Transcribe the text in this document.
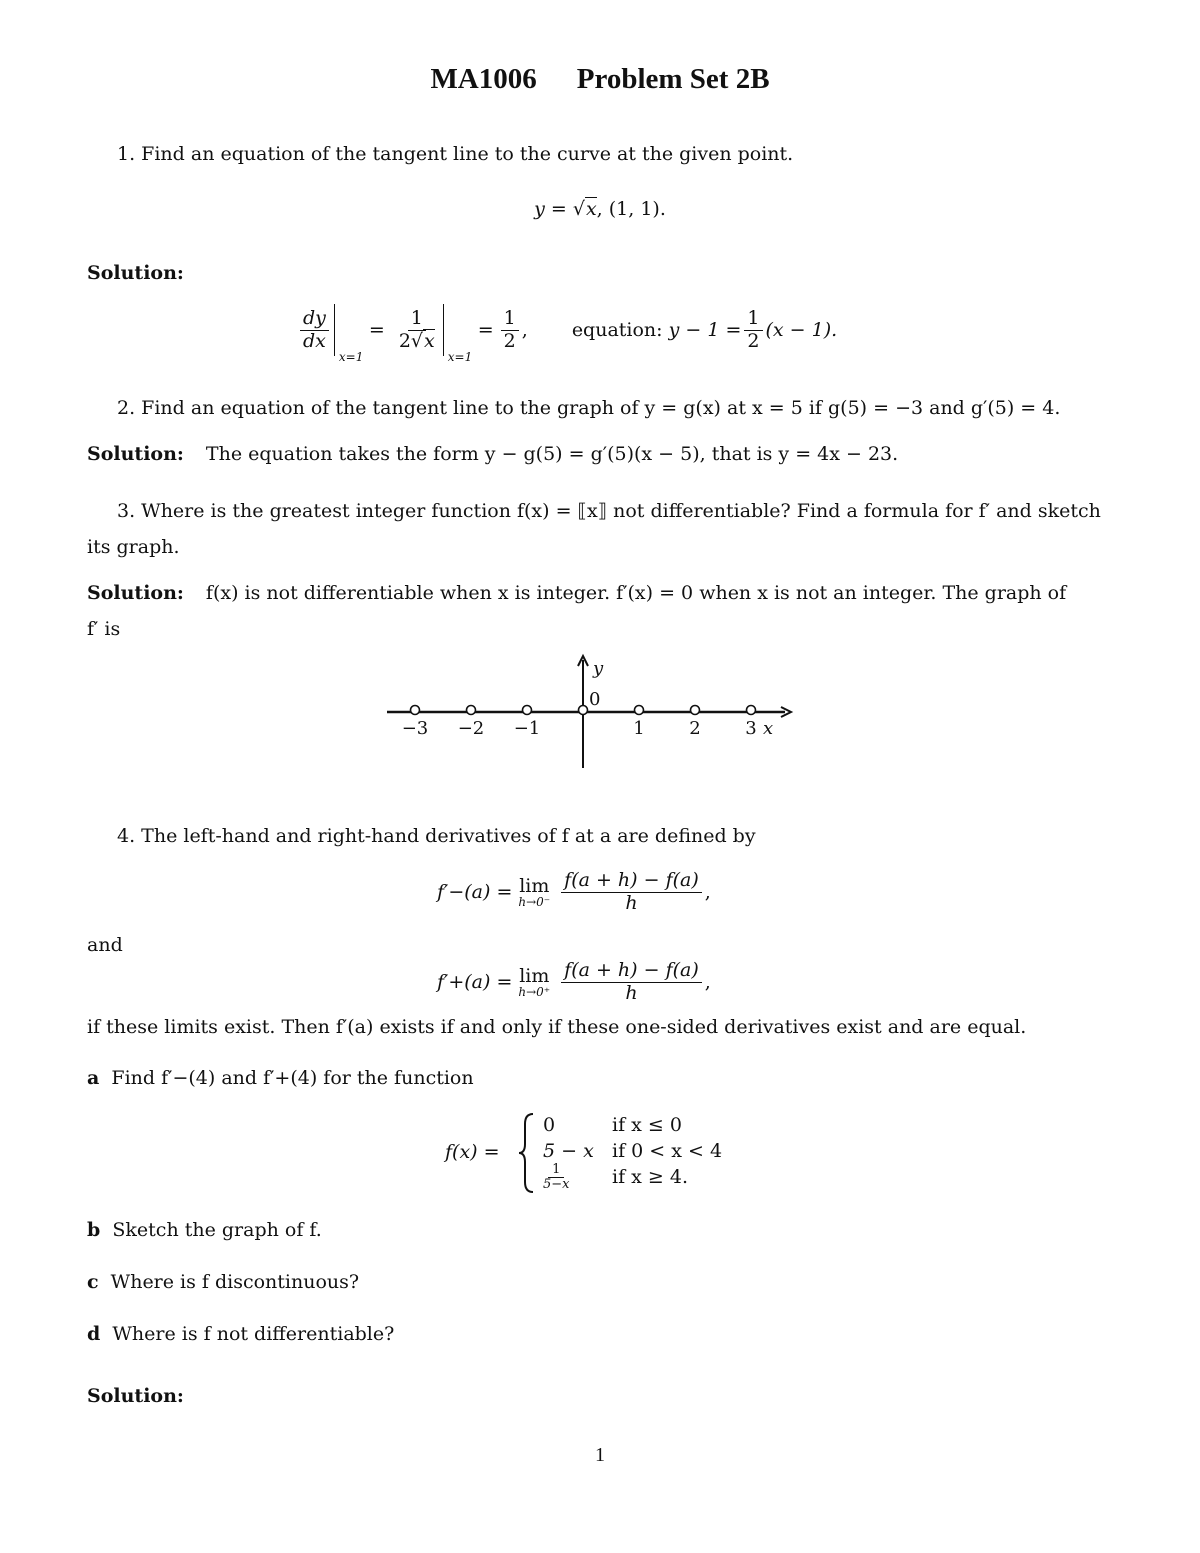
MA1006 Problem Set 2B
1. Find an equation of the tangent line to the curve at the given point.
y = √x, (1, 1).
Solution:
$\frac{dy}{dx}$
x=1
= $\frac{1}{2√x}$
x=1
= $\frac{1}{2}$ , equation:
$y - 1 = \frac{1}{2} (x - 1)$.
2. Find an equation of the tangent line to the graph of y = g(x) at x = 5 if g(5) = −3 and g′(5) = 4.
Solution: The equation takes the form y − g(5) = g′(5)(x − 5), that is y = 4x − 23.
3. Where is the greatest integer function f(x) = ⟦x⟧ not differentiable? Find a formula for f′ and sketch
its graph.
Solution: f(x) is not differentiable when x is integer. f′(x) = 0 when x is not an integer. The graph of
f′ is
−3 −2 −1	1 2 3
y
0
x
4. The left-hand and right-hand derivatives of f at a are defined by
f′−(a) = lim
$h\to 0^- \frac{f(a + h) - f(a)}{h}$ ,
and
f′+(a) = lim
$h\to 0^+ \frac{f(a + h) - f(a)}{h}$ ,
if these limits exist. Then f′(a) exists if and only if these one-sided derivatives exist and are equal.
a Find f′−(4) and f′+(4) for the function
f(x) =
0	if x ≤ 0
5 − x if 0 < x < 4
$\frac{1}{5-x}$ if x ≥ 4.
b Sketch the graph of f.
c Where is f discontinuous?
d Where is f not differentiable?
Solution:
1
